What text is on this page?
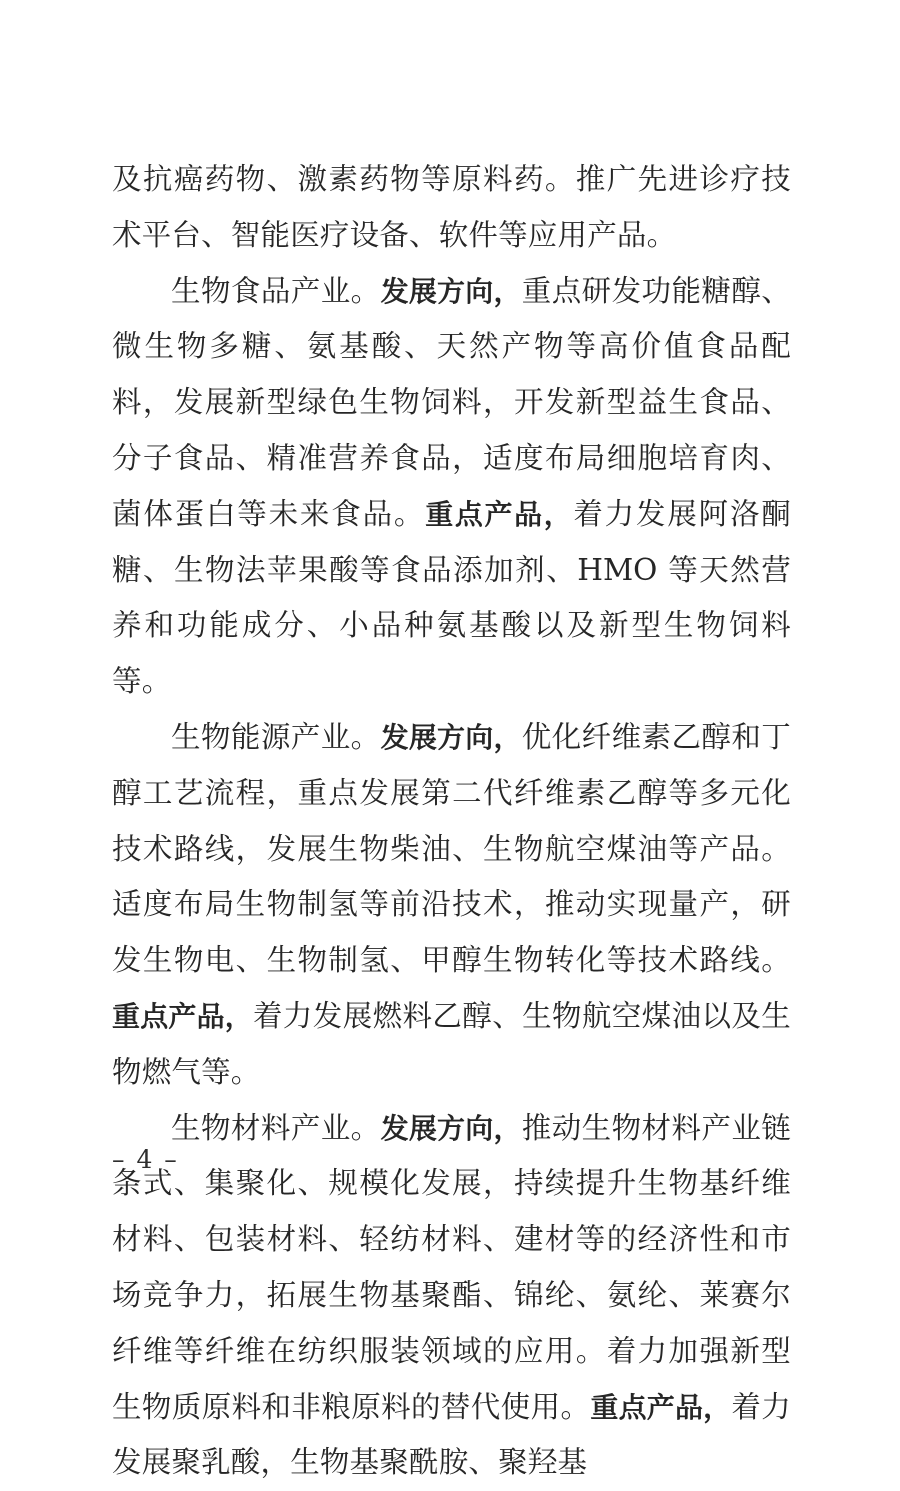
及抗癌药物、激素药物等原料药。推广先进诊疗技术平台、智能医疗设备、软件等应用产品。

生物食品产业。发展方向，重点研发功能糖醇、微生物多糖、氨基酸、天然产物等高价值食品配料，发展新型绿色生物饲料，开发新型益生食品、分子食品、精准营养食品，适度布局细胞培育肉、菌体蛋白等未来食品。重点产品，着力发展阿洛酮糖、生物法苹果酸等食品添加剂、HMO 等天然营养和功能成分、小品种氨基酸以及新型生物饲料等。

生物能源产业。发展方向，优化纤维素乙醇和丁醇工艺流程，重点发展第二代纤维素乙醇等多元化技术路线，发展生物柴油、生物航空煤油等产品。适度布局生物制氢等前沿技术，推动实现量产，研发生物电、生物制氢、甲醇生物转化等技术路线。重点产品，着力发展燃料乙醇、生物航空煤油以及生物燃气等。

生物材料产业。发展方向，推动生物材料产业链条式、集聚化、规模化发展，持续提升生物基纤维材料、包装材料、轻纺材料、建材等的经济性和市场竞争力，拓展生物基聚酯、锦纶、氨纶、莱赛尔纤维等纤维在纺织服装领域的应用。着力加强新型生物质原料和非粮原料的替代使用。重点产品，着力发展聚乳酸，生物基聚酰胺、聚羟基

– 4 –
